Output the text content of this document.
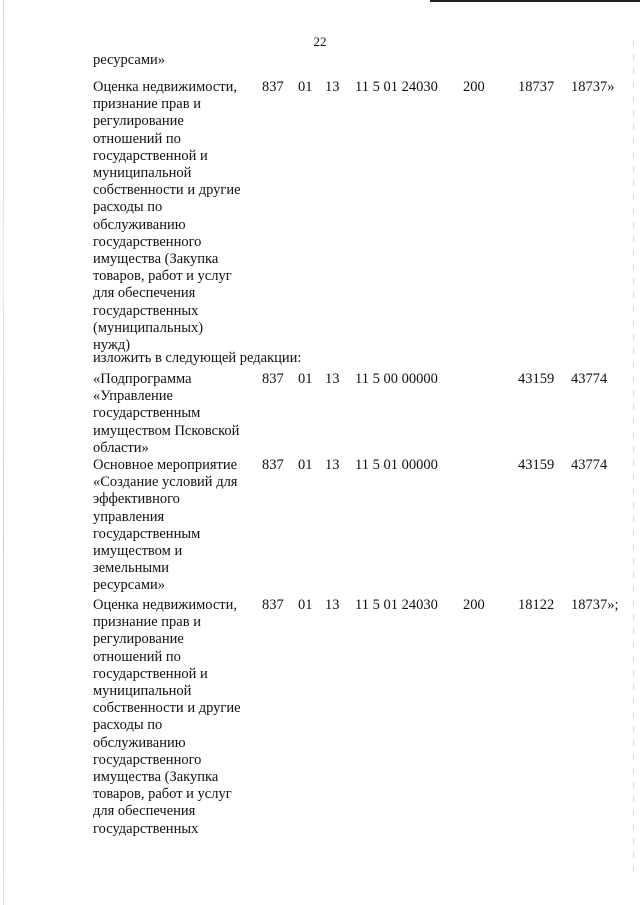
22
ресурсами»
Оценка недвижимости,
признание прав и
регулирование
отношений по
государственной и
муниципальной
собственности и другие
расходы по
обслуживанию
государственного
имущества (Закупка
товаров, работ и услуг
для обеспечения
государственных
(муниципальных)
нужд)
837 01 13 11 5 01 24030 200 18737 18737»
изложить в следующей редакции:
«Подпрограмма
«Управление
государственным
имуществом Псковской
области»
837 01 13 11 5 00 00000	43159 43774
Основное мероприятие
«Создание условий для
эффективного
управления
государственным
имуществом и
земельными
ресурсами»
837 01 13 11 5 01 00000	43159 43774
Оценка недвижимости,
признание прав и
регулирование
отношений по
государственной и
муниципальной
собственности и другие
расходы по
обслуживанию
государственного
имущества (Закупка
товаров, работ и услуг
для обеспечения
государственных
837 01 13 11 5 01 24030 200 18122 18737»;
